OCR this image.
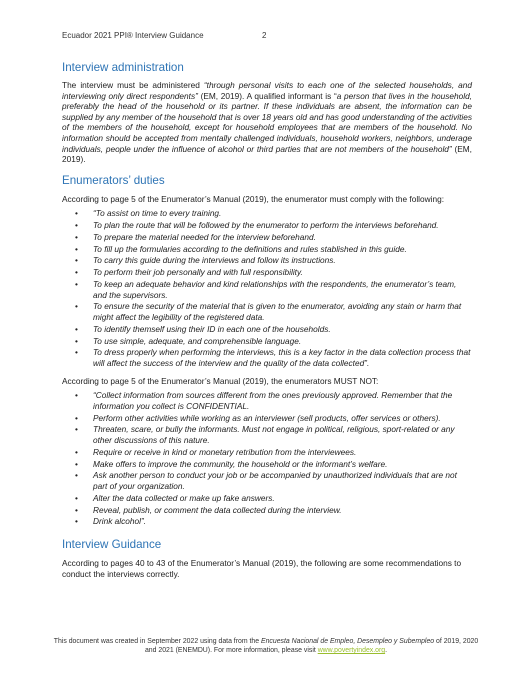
Ecuador 2021 PPI® Interview Guidance	2
Interview administration

The interview must be administered “through personal visits to each one of the selected households, and interviewing only direct respondents” (EM, 2019). A qualified informant is “a person that lives in the household, preferably the head of the household or its partner. If these individuals are absent, the information can be supplied by any member of the household that is over 18 years old and has good understanding of the activities of the members of the household, except for household employees that are members of the household. No information should be accepted from mentally challenged individuals, household workers, neighbors, underage individuals, people under the influence of alcohol or third parties that are not members of the household” (EM, 2019).

Enumerators’ duties

According to page 5 of the Enumerator’s Manual (2019), the enumerator must comply with the following:

• “To assist on time to every training.
• To plan the route that will be followed by the enumerator to perform the interviews beforehand.
• To prepare the material needed for the interview beforehand.
• To fill up the formularies according to the definitions and rules stablished in this guide.
• To carry this guide during the interviews and follow its instructions.
• To perform their job personally and with full responsibility.
• To keep an adequate behavior and kind relationships with the respondents, the enumerator’s team, and the supervisors.
• To ensure the security of the material that is given to the enumerator, avoiding any stain or harm that might affect the legibility of the registered data.
• To identify themself using their ID in each one of the households.
• To use simple, adequate, and comprehensible language.
• To dress properly when performing the interviews, this is a key factor in the data collection process that will affect the success of the interview and the quality of the data collected”.

According to page 5 of the Enumerator’s Manual (2019), the enumerators MUST NOT:

• “Collect information from sources different from the ones previously approved. Remember that the information you collect is CONFIDENTIAL.
• Perform other activities while working as an interviewer (sell products, offer services or others).
• Threaten, scare, or bully the informants. Must not engage in political, religious, sport-related or any other discussions of this nature.
• Require or receive in kind or monetary retribution from the interviewees.
• Make offers to improve the community, the household or the informant’s welfare.
• Ask another person to conduct your job or be accompanied by unauthorized individuals that are not part of your organization.
• Alter the data collected or make up fake answers.
• Reveal, publish, or comment the data collected during the interview.
• Drink alcohol”.
Interview Guidance

According to pages 40 to 43 of the Enumerator’s Manual (2019), the following are some recommendations to conduct the interviews correctly.

This document was created in September 2022 using data from the Encuesta Nacional de Empleo, Desempleo y Subempleo of 2019, 2020 and 2021 (ENEMDU). For more information, please visit www.povertyindex.org.
